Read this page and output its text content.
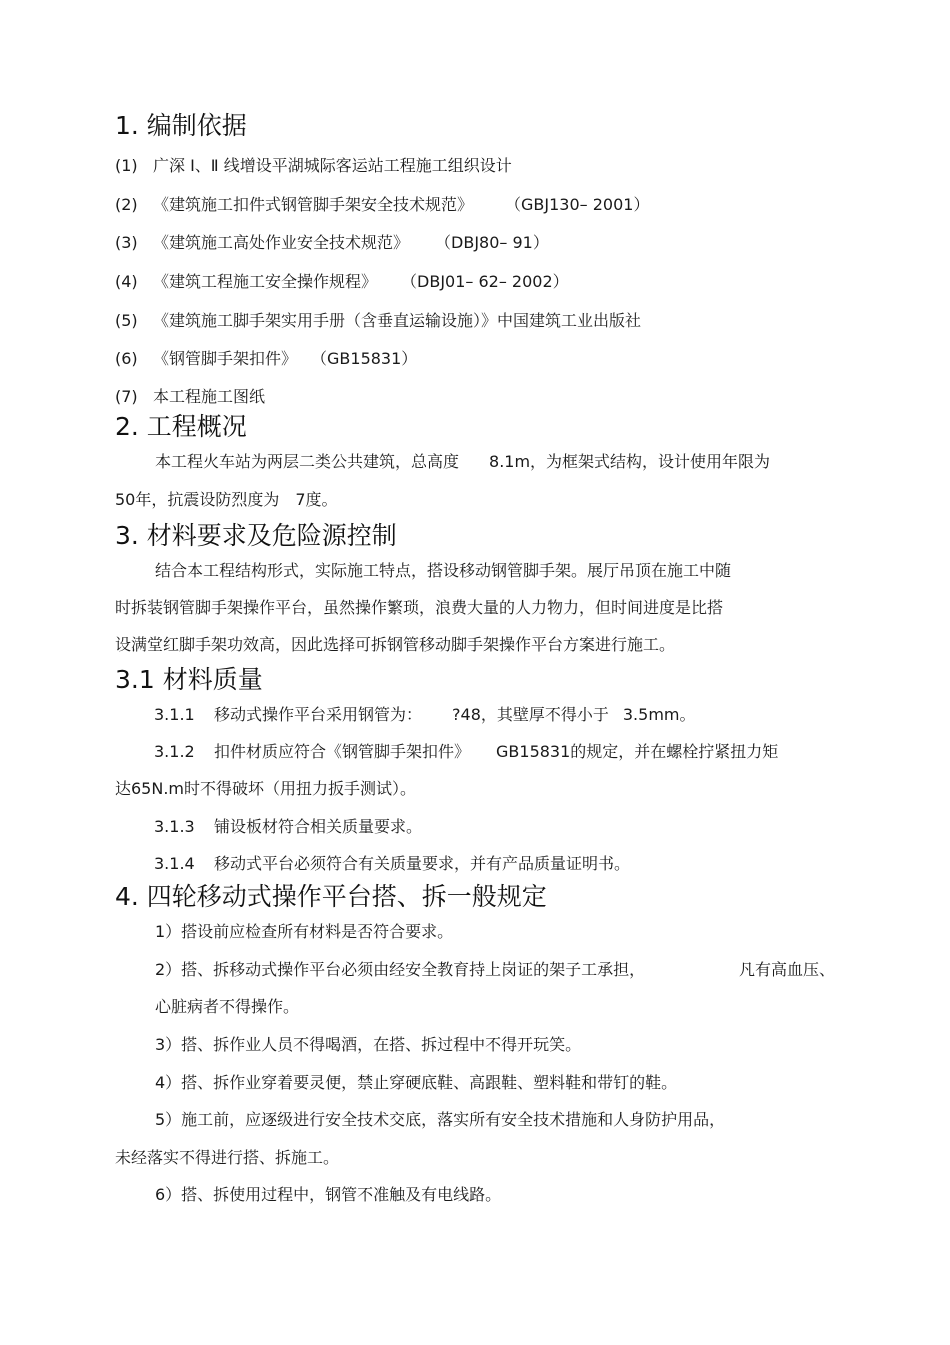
1. 编制依据
(1) 广深 Ⅰ、Ⅱ 线增设平湖城际客运站工程施工组织设计
(2) 《建筑施工扣件式钢管脚手架安全技术规范》 （GBJ130– 2001）
(3) 《建筑施工高处作业安全技术规范》 （DBJ80– 91）
(4) 《建筑工程施工安全操作规程》 （DBJ01– 62– 2002）
(5) 《建筑施工脚手架实用手册（含垂直运输设施）》中国建筑工业出版社
(6) 《钢管脚手架扣件》 （GB15831）
(7) 本工程施工图纸
2. 工程概况
本工程火车站为两层二类公共建筑，总高度 8.1m，为框架式结构，设计使用年限为
50年，抗震设防烈度为 7度。
3. 材料要求及危险源控制
结合本工程结构形式，实际施工特点，搭设移动钢管脚手架。展厅吊顶在施工中随
时拆装钢管脚手架操作平台，虽然操作繁琐，浪费大量的人力物力，但时间进度是比搭
设满堂红脚手架功效高，因此选择可拆钢管移动脚手架操作平台方案进行施工。
3.1 材料质量
3.1.1 移动式操作平台采用钢管为： ?48，其壁厚不得小于 3.5mm。
3.1.2 扣件材质应符合《钢管脚手架扣件》 GB15831的规定，并在螺栓拧紧扭力矩
达65N.m时不得破坏（用扭力扳手测试）。
3.1.3 铺设板材符合相关质量要求。
3.1.4 移动式平台必须符合有关质量要求，并有产品质量证明书。
4. 四轮移动式操作平台搭、拆一般规定
1）搭设前应检查所有材料是否符合要求。
2）搭、拆移动式操作平台必须由经安全教育持上岗证的架子工承担，	凡有高血压、
心脏病者不得操作。
3）搭、拆作业人员不得喝酒，在搭、拆过程中不得开玩笑。
4）搭、拆作业穿着要灵便，禁止穿硬底鞋、高跟鞋、塑料鞋和带钉的鞋。
5）施工前，应逐级进行安全技术交底，落实所有安全技术措施和人身防护用品，
未经落实不得进行搭、拆施工。
6）搭、拆使用过程中，钢管不准触及有电线路。
